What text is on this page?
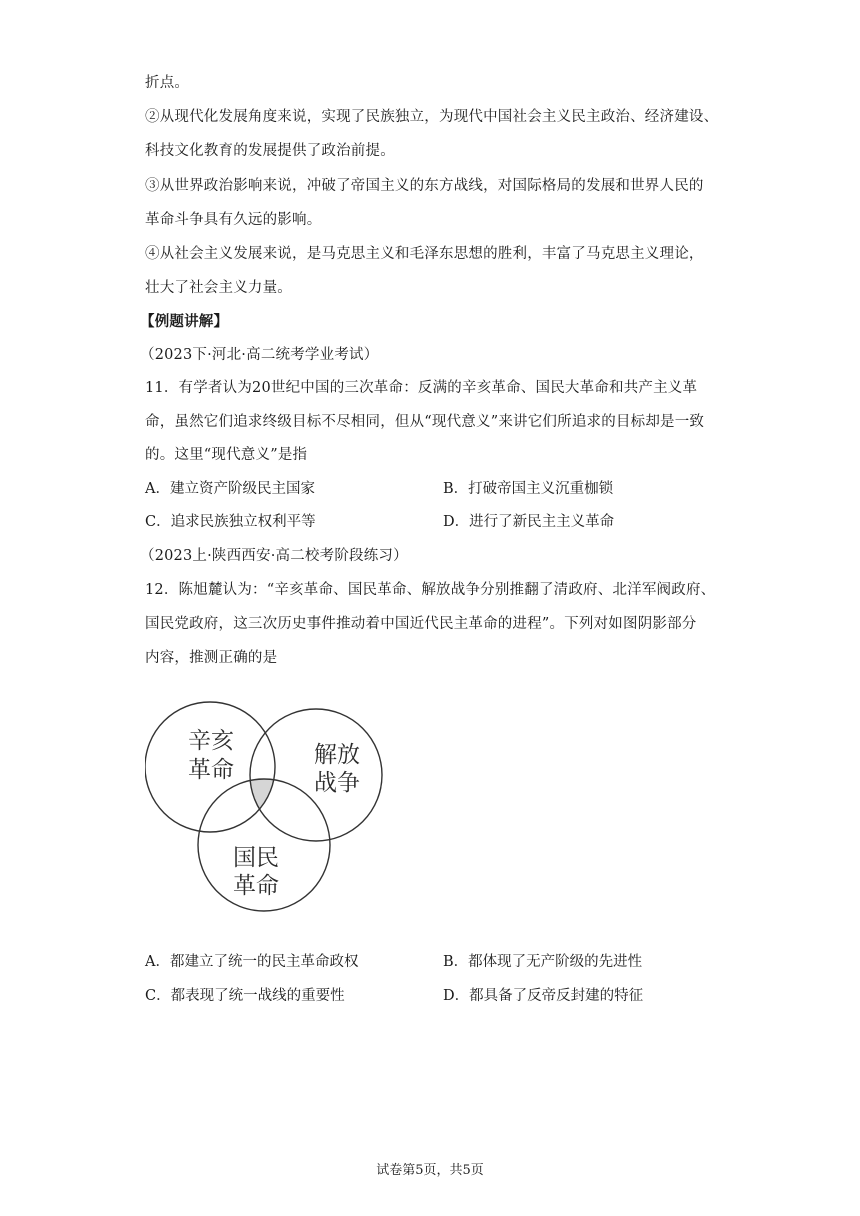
折点。
②从现代化发展角度来说，实现了民族独立，为现代中国社会主义民主政治、经济建设、
科技文化教育的发展提供了政治前提。
③从世界政治影响来说，冲破了帝国主义的东方战线，对国际格局的发展和世界人民的
革命斗争具有久远的影响。
④从社会主义发展来说，是马克思主义和毛泽东思想的胜利，丰富了马克思主义理论，
壮大了社会主义力量。
【例题讲解】
（2023下·河北·高二统考学业考试）
11．有学者认为20世纪中国的三次革命：反满的辛亥革命、国民大革命和共产主义革
命，虽然它们追求终级目标不尽相同，但从“现代意义”来讲它们所追求的目标却是一致
的。这里“现代意义”是指
A．建立资产阶级民主国家	B．打破帝国主义沉重枷锁
C．追求民族独立权利平等	D．进行了新民主主义革命
（2023上·陕西西安·高二校考阶段练习）
12．陈旭麓认为：“辛亥革命、国民革命、解放战争分别推翻了清政府、北洋军阀政府、
国民党政府，这三次历史事件推动着中国近代民主革命的进程”。下列对如图阴影部分
内容，推测正确的是
辛亥
革命
解放
战争
国民
革命
A．都建立了统一的民主革命政权	B．都体现了无产阶级的先进性
C．都表现了统一战线的重要性	D．都具备了反帝反封建的特征
试卷第5页，共5页
